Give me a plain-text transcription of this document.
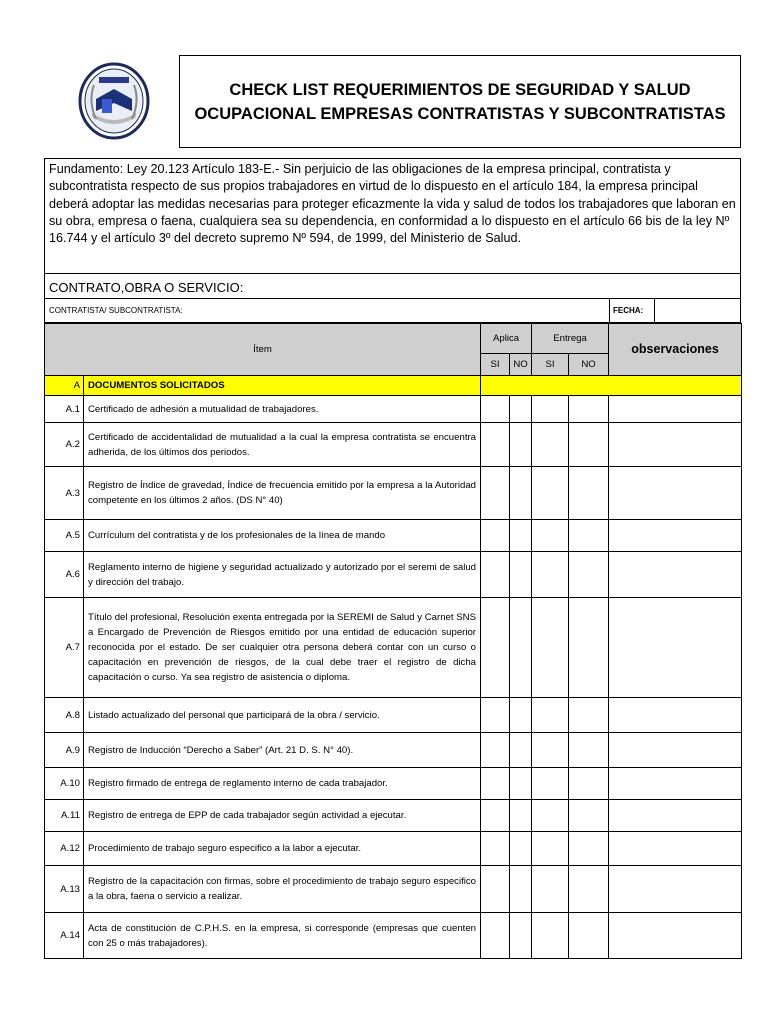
CHECK LIST REQUERIMIENTOS DE SEGURIDAD Y SALUD
OCUPACIONAL EMPRESAS CONTRATISTAS Y SUBCONTRATISTAS
Fundamento: Ley 20.123 Artículo 183-E.- Sin perjuicio de las obligaciones de la empresa principal, contratista y subcontratista respecto de sus propios trabajadores en virtud de lo dispuesto en el artículo 184, la empresa principal deberá adoptar las medidas necesarias para proteger eficazmente la vida y salud de todos los trabajadores que laboran en su obra, empresa o faena, cualquiera sea su dependencia, en conformidad a lo dispuesto en el artículo 66 bis de la ley Nº 16.744 y el artículo 3º del decreto supremo Nº 594, de 1999, del Ministerio de Salud.
CONTRATO,OBRA O SERVICIO:
CONTRATISTA/ SUBCONTRATISTA:	FECHA:
Ítem		Aplica		Entrega		observaciones
		SI	NO	SI	NO	
A	DOCUMENTOS SOLICITADOS					
A.1	Certificado de adhesión a mutualidad de trabajadores.					
A.2	Certificado de accidentalidad de mutualidad a la cual la empresa contratista se encuentra adherida, de los últimos dos periodos.					
A.3	Registro de Índice de gravedad, Índice de frecuencia emitido por la empresa a la Autoridad competente en los últimos 2 años. (DS N° 40)					
A.5	Currículum del contratista y de los profesionales de la línea de mando					
A.6	Reglamento interno de higiene y seguridad actualizado y autorizado por el seremi de salud y dirección del trabajo.					
A.7	Título del profesional, Resolución exenta entregada por la SEREMI de Salud y Carnet SNS a Encargado de Prevención de Riesgos emitido por una entidad de educación superior reconocida por el estado. De ser cualquier otra persona deberá contar con un curso o capacitación en prevención de riesgos, de la cual debe traer el registro de dicha capacitación o curso. Ya sea registro de asistencia o diploma.					
A.8	Listado actualizado del personal que participará de la obra / servicio.					
A.9	Registro de Inducción “Derecho a Saber” (Art. 21 D. S. N° 40).					
A.10	Registro firmado de entrega de reglamento interno de cada trabajador.					
A.11	Registro de entrega de EPP de cada trabajador según actividad a ejecutar.					
A.12	Procedimiento de trabajo seguro especifico a la labor a ejecutar.					
A.13	Registro de la capacitación con firmas, sobre el procedimiento de trabajo seguro especifico a la obra, faena o servicio a realizar.					
A.14	Acta de constitución de C.P.H.S. en la empresa, si corresponde (empresas que cuenten con 25 o más trabajadores).					
